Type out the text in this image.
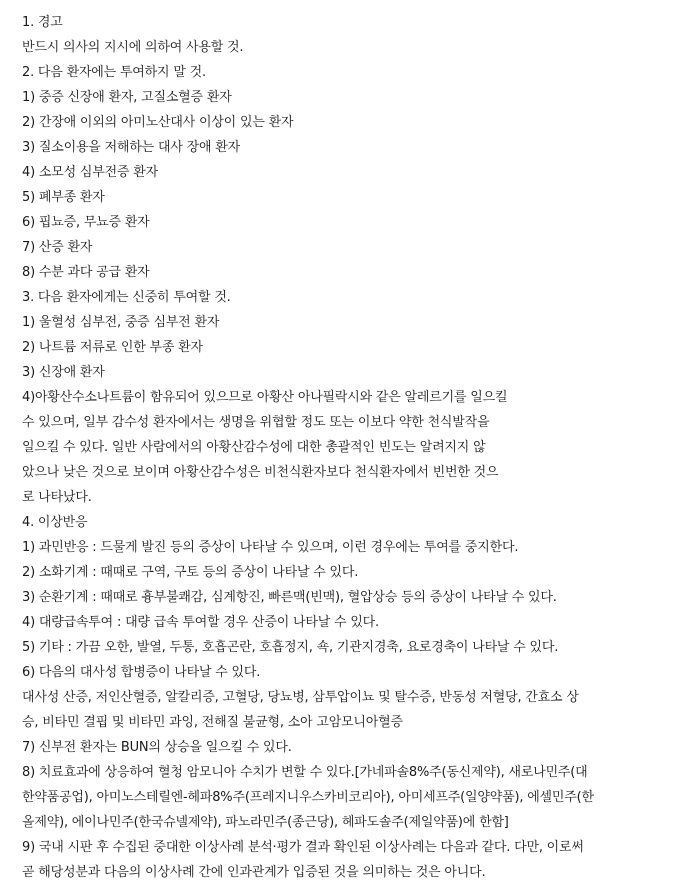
1. 경고
반드시 의사의 지시에 의하여 사용할 것.
2. 다음 환자에는 투여하지 말 것.
1) 중증 신장애 환자, 고질소혈증 환자
2) 간장애 이외의 아미노산대사 이상이 있는 환자
3) 질소이용을 저해하는 대사 장애 환자
4) 소모성 심부전증 환자
5) 폐부종 환자
6) 핍뇨증, 무뇨증 환자
7) 산증 환자
8) 수분 과다 공급 환자
3. 다음 환자에게는 신중히 투여할 것.
1) 울혈성 심부전, 중증 심부전 환자
2) 나트륨 저류로 인한 부종 환자
3) 신장애 환자
4)아황산수소나트륨이 함유되어 있으므로 아황산 아나필락시와 같은 알레르기를 일으킬
수 있으며, 일부 감수성 환자에서는 생명을 위협할 정도 또는 이보다 약한 천식발작을
일으킬 수 있다. 일반 사람에서의 아황산감수성에 대한 총괄적인 빈도는 알려지지 않
았으나 낮은 것으로 보이며 아황산감수성은 비천식환자보다 천식환자에서 빈번한 것으
로 나타났다.
4. 이상반응
1) 과민반응 : 드물게 발진 등의 증상이 나타날 수 있으며, 이런 경우에는 투여를 중지한다.
2) 소화기계 : 때때로 구역, 구토 등의 증상이 나타날 수 있다.
3) 순환기계 : 때때로 흉부불쾌감, 심계항진, 빠른맥(빈맥), 혈압상승 등의 증상이 나타날 수 있다.
4) 대량급속투여 : 대량 급속 투여할 경우 산증이 나타날 수 있다.
5) 기타 : 가끔 오한, 발열, 두통, 호흡곤란, 호흡정지, 쇽, 기관지경축, 요로경축이 나타날 수 있다.
6) 다음의 대사성 합병증이 나타날 수 있다.
대사성 산증, 저인산혈증, 알칼리증, 고혈당, 당뇨병, 삼투압이뇨 및 탈수증, 반동성 저혈당, 간효소 상
승, 비타민 결핍 및 비타민 과잉, 전해질 불균형, 소아 고암모니아혈증
7) 신부전 환자는 BUN의 상승을 일으킬 수 있다.
8) 치료효과에 상응하여 혈청 암모니아 수치가 변할 수 있다.[가네파솔8%주(동신제약), 새로나민주(대
한약품공업), 아미노스테릴엔-헤파8%주(프레지니우스카비코리아), 아미세프주(일양약품), 에셀민주(한
올제약), 에이나민주(한국슈넬제약), 파노라민주(종근당), 헤파도솔주(제일약품)에 한함]
9) 국내 시판 후 수집된 중대한 이상사례 분석·평가 결과 확인된 이상사례는 다음과 같다. 다만, 이로써
곧 해당성분과 다음의 이상사례 간에 인과관계가 입증된 것을 의미하는 것은 아니다.
